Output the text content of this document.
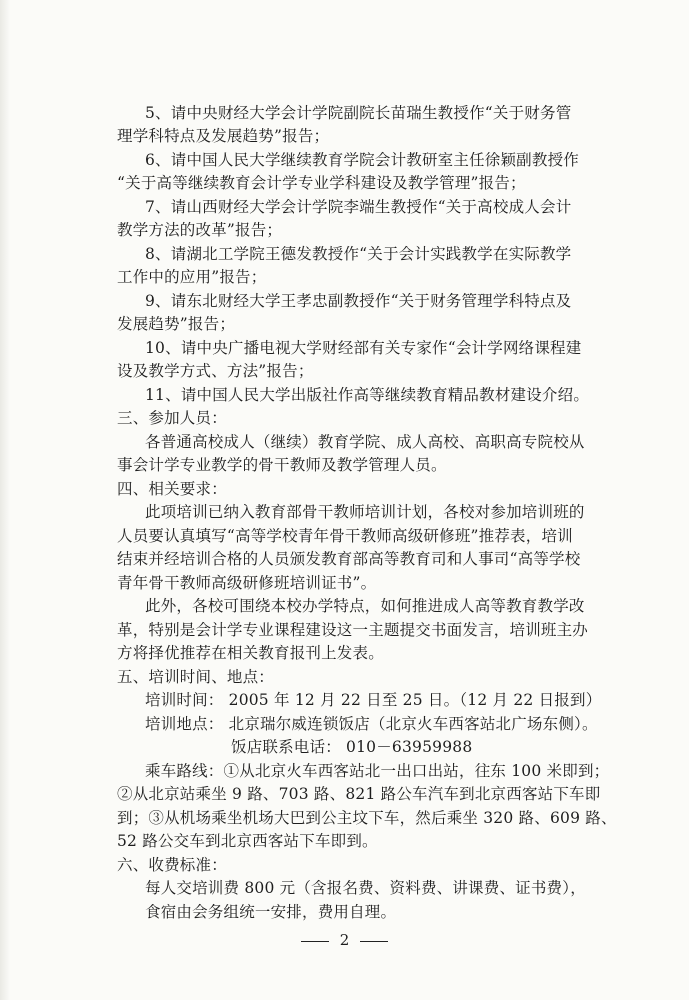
5、请中央财经大学会计学院副院长苗瑞生教授作“关于财务管
理学科特点及发展趋势”报告；
6、请中国人民大学继续教育学院会计教研室主任徐颖副教授作
“关于高等继续教育会计学专业学科建设及教学管理”报告；
7、请山西财经大学会计学院李端生教授作“关于高校成人会计
教学方法的改革”报告；
8、请湖北工学院王德发教授作“关于会计实践教学在实际教学
工作中的应用”报告；
9、请东北财经大学王孝忠副教授作“关于财务管理学科特点及
发展趋势”报告；
10、请中央广播电视大学财经部有关专家作“会计学网络课程建
设及教学方式、方法”报告；
11、请中国人民大学出版社作高等继续教育精品教材建设介绍。
三、参加人员：
各普通高校成人（继续）教育学院、成人高校、高职高专院校从
事会计学专业教学的骨干教师及教学管理人员。
四、相关要求：
此项培训已纳入教育部骨干教师培训计划，各校对参加培训班的
人员要认真填写“高等学校青年骨干教师高级研修班”推荐表，培训
结束并经培训合格的人员颁发教育部高等教育司和人事司“高等学校
青年骨干教师高级研修班培训证书”。
此外，各校可围绕本校办学特点，如何推进成人高等教育教学改
革，特别是会计学专业课程建设这一主题提交书面发言，培训班主办
方将择优推荐在相关教育报刊上发表。
五、培训时间、地点：
培训时间： 2005 年 12 月 22 日至 25 日。（12 月 22 日报到）
培训地点： 北京瑞尔威连锁饭店（北京火车西客站北广场东侧）。
饭店联系电话： 010－63959988
乘车路线：①从北京火车西客站北一出口出站，往东 100 米即到；
②从北京站乘坐 9 路、703 路、821 路公车汽车到北京西客站下车即
到；③从机场乘坐机场大巴到公主坟下车，然后乘坐 320 路、609 路、
52 路公交车到北京西客站下车即到。
六、收费标准：
每人交培训费 800 元（含报名费、资料费、讲课费、证书费），
食宿由会务组统一安排，费用自理。
2
